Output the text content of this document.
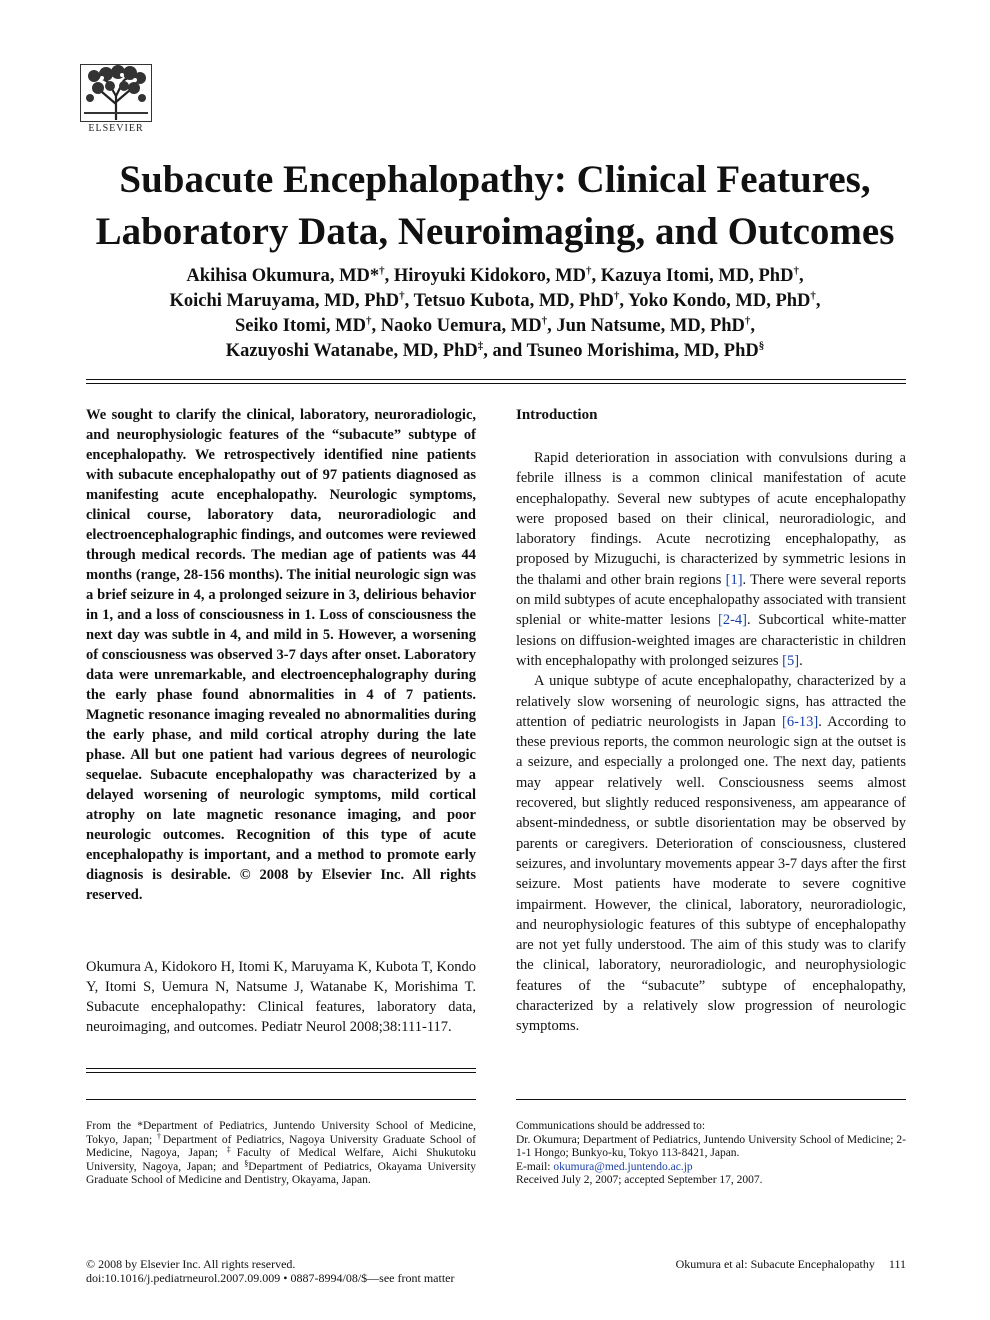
ELSEVIER
Subacute Encephalopathy: Clinical Features,
Laboratory Data, Neuroimaging, and Outcomes
Akihisa Okumura, MD*†, Hiroyuki Kidokoro, MD†, Kazuya Itomi, MD, PhD†,
Koichi Maruyama, MD, PhD†, Tetsuo Kubota, MD, PhD†, Yoko Kondo, MD, PhD†,
Seiko Itomi, MD†, Naoko Uemura, MD†, Jun Natsume, MD, PhD†,
Kazuyoshi Watanabe, MD, PhD‡, and Tsuneo Morishima, MD, PhD§
We sought to clarify the clinical, laboratory, neuroradiologic, and neurophysiologic features of the “subacute” subtype of encephalopathy. We retrospectively identified nine patients with subacute encephalopathy out of 97 patients diagnosed as manifesting acute encephalopathy. Neurologic symptoms, clinical course, laboratory data, neuroradiologic and electroencephalographic findings, and outcomes were reviewed through medical records. The median age of patients was 44 months (range, 28-156 months). The initial neurologic sign was a brief seizure in 4, a prolonged seizure in 3, delirious behavior in 1, and a loss of consciousness in 1. Loss of consciousness the next day was subtle in 4, and mild in 5. However, a worsening of consciousness was observed 3-7 days after onset. Laboratory data were unremarkable, and electroencephalography during the early phase found abnormalities in 4 of 7 patients. Magnetic resonance imaging revealed no abnormalities during the early phase, and mild cortical atrophy during the late phase. All but one patient had various degrees of neurologic sequelae. Subacute encephalopathy was characterized by a delayed worsening of neurologic symptoms, mild cortical atrophy on late magnetic resonance imaging, and poor neurologic outcomes. Recognition of this type of acute encephalopathy is important, and a method to promote early diagnosis is desirable. © 2008 by Elsevier Inc. All rights reserved.
Okumura A, Kidokoro H, Itomi K, Maruyama K, Kubota T, Kondo Y, Itomi S, Uemura N, Natsume J, Watanabe K, Morishima T. Subacute encephalopathy: Clinical features, laboratory data, neuroimaging, and outcomes. Pediatr Neurol 2008;38:111-117.
Introduction

Rapid deterioration in association with convulsions during a febrile illness is a common clinical manifestation of acute encephalopathy. Several new subtypes of acute encephalopathy were proposed based on their clinical, neuroradiologic, and laboratory findings. Acute necrotizing encephalopathy, as proposed by Mizuguchi, is characterized by symmetric lesions in the thalami and other brain regions [1]. There were several reports on mild subtypes of acute encephalopathy associated with transient splenial or white-matter lesions [2-4]. Subcortical white-matter lesions on diffusion-weighted images are characteristic in children with encephalopathy with prolonged seizures [5].

A unique subtype of acute encephalopathy, characterized by a relatively slow worsening of neurologic signs, has attracted the attention of pediatric neurologists in Japan [6-13]. According to these previous reports, the common neurologic sign at the outset is a seizure, and especially a prolonged one. The next day, patients may appear relatively well. Consciousness seems almost recovered, but slightly reduced responsiveness, am appearance of absent-mindedness, or subtle disorientation may be observed by parents or caregivers. Deterioration of consciousness, clustered seizures, and involuntary movements appear 3-7 days after the first seizure. Most patients have moderate to severe cognitive impairment. However, the clinical, laboratory, neuroradiologic, and neurophysiologic features of this subtype of encephalopathy are not yet fully understood. The aim of this study was to clarify the clinical, laboratory, neuroradiologic, and neurophysiologic features of the “subacute” subtype of encephalopathy, characterized by a relatively slow progression of neurologic symptoms.

From the *Department of Pediatrics, Juntendo University School of Medicine, Tokyo, Japan; †Department of Pediatrics, Nagoya University Graduate School of Medicine, Nagoya, Japan; ‡Faculty of Medical Welfare, Aichi Shukutoku University, Nagoya, Japan; and §Department of Pediatrics, Okayama University Graduate School of Medicine and Dentistry, Okayama, Japan.
Communications should be addressed to:
Dr. Okumura; Department of Pediatrics, Juntendo University School of Medicine; 2-1-1 Hongo; Bunkyo-ku, Tokyo 113-8421, Japan.
E-mail: okumura@med.juntendo.ac.jp
Received July 2, 2007; accepted September 17, 2007.
© 2008 by Elsevier Inc. All rights reserved.
doi:10.1016/j.pediatrneurol.2007.09.009 • 0887-8994/08/$—see front matter
Okumura et al: Subacute Encephalopathy 111
